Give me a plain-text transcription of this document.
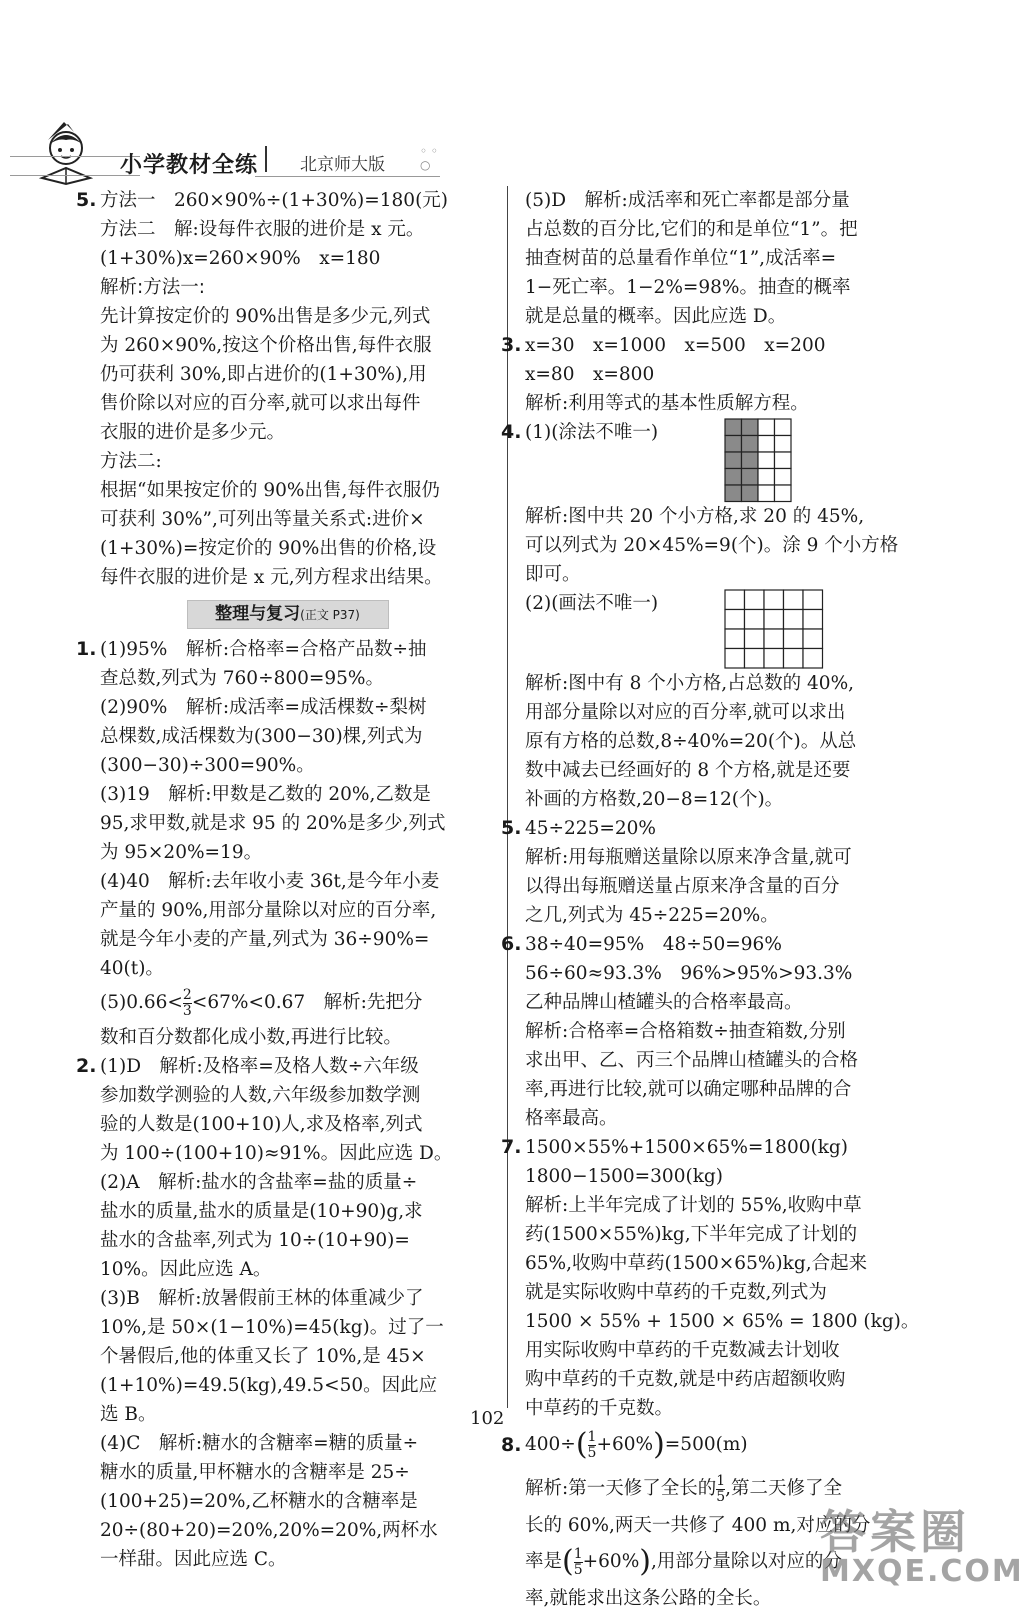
小学教材全练 北京师大版
◦ ◦ ○
5. 方法一　260×90%÷(1+30%)=180(元)

方法二　解:设每件衣服的进价是 x 元。

(1+30%)x=260×90%　x=180

解析:方法一:

先计算按定价的 90%出售是多少元,列式

为 260×90%,按这个价格出售,每件衣服

仍可获利 30%,即占进价的(1+30%),用

售价除以对应的百分率,就可以求出每件

衣服的进价是多少元。

方法二:

根据“如果按定价的 90%出售,每件衣服仍

可获利 30%”,可列出等量关系式:进价×

(1+30%)=按定价的 90%出售的价格,设

每件衣服的进价是 x 元,列方程求出结果。

整理与复习(正文 P37)
1. (1)95%　解析:合格率=合格产品数÷抽

查总数,列式为 760÷800=95%。

(2)90%　解析:成活率=成活棵数÷梨树

总棵数,成活棵数为(300−30)棵,列式为

(300−30)÷300=90%。

(3)19　解析:甲数是乙数的 20%,乙数是

95,求甲数,就是求 95 的 20%是多少,列式

为 95×20%=19。

(4)40　解析:去年收小麦 36t,是今年小麦

产量的 90%,用部分量除以对应的百分率,

就是今年小麦的产量,列式为 36÷90%=

40(t)。

$(5)0.66< \frac{2}{3} <67\%<0.67$　解析:先把分

数和百分数都化成小数,再进行比较。

2. (1)D　解析:及格率=及格人数÷六年级

参加数学测验的人数,六年级参加数学测

验的人数是(100+10)人,求及格率,列式

为 100÷(100+10)≈91%。因此应选 D。

(2)A　解析:盐水的含盐率=盐的质量÷

盐水的质量,盐水的质量是(10+90)g,求

盐水的含盐率,列式为 10÷(10+90)=

10%。因此应选 A。

(3)B　解析:放暑假前王林的体重减少了

10%,是 50×(1−10%)=45(kg)。过了一

个暑假后,他的体重又长了 10%,是 45×

(1+10%)=49.5(kg),49.5<50。因此应

选 B。

(4)C　解析:糖水的含糖率=糖的质量÷

糖水的质量,甲杯糖水的含糖率是 25÷

(100+25)=20%,乙杯糖水的含糖率是

20÷(80+20)=20%,20%=20%,两杯水

一样甜。因此应选 C。

(5)D　解析:成活率和死亡率都是部分量

占总数的百分比,它们的和是单位“1”。把

抽查树苗的总量看作单位“1”,成活率=

1−死亡率。1−2%=98%。抽查的概率

就是总量的概率。因此应选 D。

3. x=30　x=1000　x=500　x=200

x=80　x=800

解析:利用等式的基本性质解方程。

4. (1)(涂法不唯一)

解析:图中共 20 个小方格,求 20 的 45%,

可以列式为 20×45%=9(个)。涂 9 个小方格

即可。

(2)(画法不唯一)

解析:图中有 8 个小方格,占总数的 40%,

用部分量除以对应的百分率,就可以求出

原有方格的总数,8÷40%=20(个)。从总

数中减去已经画好的 8 个方格,就是还要

补画的方格数,20−8=12(个)。

5. 45÷225=20%

解析:用每瓶赠送量除以原来净含量,就可

以得出每瓶赠送量占原来净含量的百分

之几,列式为 45÷225=20%。

6. 38÷40=95%　48÷50=96%

56÷60≈93.3%　96%>95%>93.3%

乙种品牌山楂罐头的合格率最高。

解析:合格率=合格箱数÷抽查箱数,分别

求出甲、乙、丙三个品牌山楂罐头的合格

率,再进行比较,就可以确定哪种品牌的合

格率最高。

7. 1500×55%+1500×65%=1800(kg)

1800−1500=300(kg)

解析:上半年完成了计划的 55%,收购中草

药(1500×55%)kg,下半年完成了计划的

65%,收购中草药(1500×65%)kg,合起来

就是实际收购中草药的千克数,列式为

1500 × 55% + 1500 × 65% = 1800 (kg)。

用实际收购中草药的千克数减去计划收

购中草药的千克数,就是中药店超额收购

中草药的千克数。

8. $400\div( \frac{1}{5} +60\%)=500(m)$

解析:第一天修了全长的 $\frac{1}{5}$ ,第二天修了全

长的 60%,两天一共修了 400 m,对应的分

率是( $\frac{1}{5} +60\%$),用部分量除以对应的分

率,就能求出这条公路的全长。

102
答案圈
MXQE.COM
